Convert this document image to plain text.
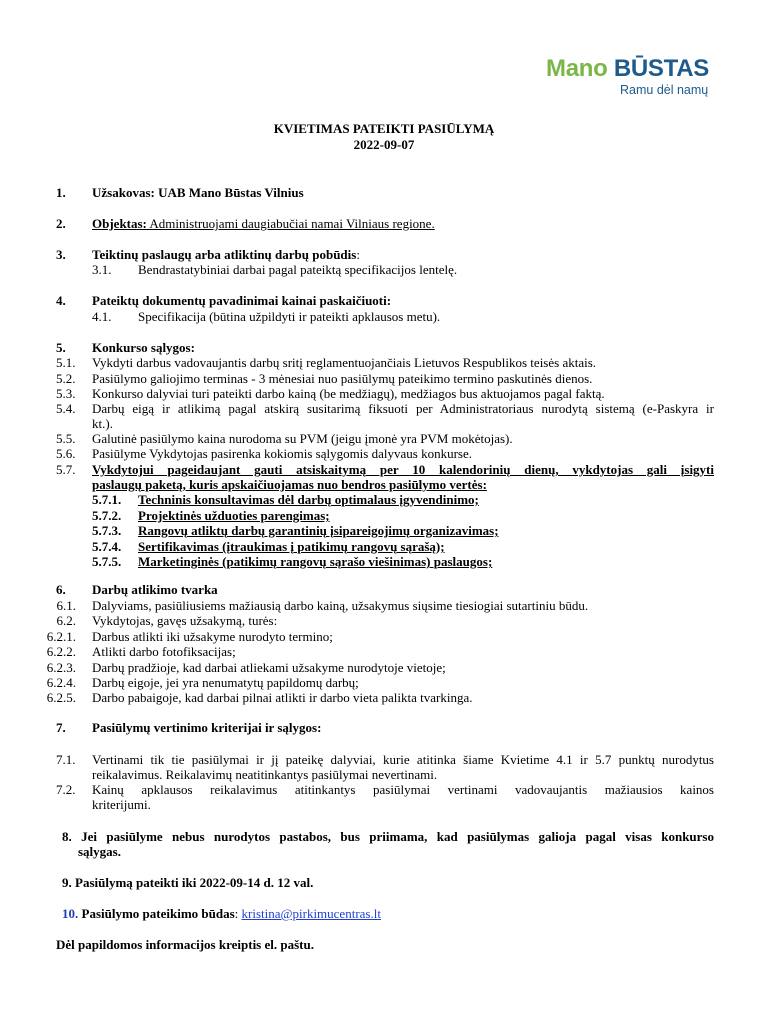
Mano BŪSTAS
Ramu dėl namų
KVIETIMAS PATEIKTI PASIŪLYMĄ
2022-09-07
1. Užsakovas: UAB Mano Būstas Vilnius
2. Objektas: Administruojami daugiabučiai namai Vilniaus regione.
3. Teiktinų paslaugų arba atliktinų darbų pobūdis:
3.1. Bendrastatybiniai darbai pagal pateiktą specifikacijos lentelę.
4. Pateiktų dokumentų pavadinimai kainai paskaičiuoti:
4.1. Specifikacija (būtina užpildyti ir pateikti apklausos metu).
5. Konkurso sąlygos:
5.1. Vykdyti darbus vadovaujantis darbų sritį reglamentuojančiais Lietuvos Respublikos teisės aktais.
5.2. Pasiūlymo galiojimo terminas - 3 mėnesiai nuo pasiūlymų pateikimo termino paskutinės dienos.
5.3. Konkurso dalyviai turi pateikti darbo kainą (be medžiagų), medžiagos bus aktuojamos pagal faktą.
5.4. Darbų eigą ir atlikimą pagal atskirą susitarimą fiksuoti per Administratoriaus nurodytą sistemą (e-Paskyra ir
kt.).
5.5. Galutinė pasiūlymo kaina nurodoma su PVM (jeigu įmonė yra PVM mokėtojas).
5.6. Pasiūlyme Vykdytojas pasirenka kokiomis sąlygomis dalyvaus konkurse.
5.7. Vykdytojui pageidaujant gauti atsiskaitymą per 10 kalendorinių dienų, vykdytojas gali įsigyti
paslaugų paketą, kuris apskaičiuojamas nuo bendros pasiūlymo vertės:
5.7.1. Techninis konsultavimas dėl darbų optimalaus įgyvendinimo;
5.7.2. Projektinės užduoties parengimas;
5.7.3. Rangovų atliktų darbų garantinių įsipareigojimų organizavimas;
5.7.4. Sertifikavimas (įtraukimas į patikimų rangovų sąrašą);
5.7.5. Marketinginės (patikimų rangovų sąrašo viešinimas) paslaugos;
6. Darbų atlikimo tvarka
6.1. Dalyviams, pasiūliusiems mažiausią darbo kainą, užsakymus siųsime tiesiogiai sutartiniu būdu.
6.2. Vykdytojas, gavęs užsakymą, turės:
6.2.1. Darbus atlikti iki užsakyme nurodyto termino;
6.2.2. Atlikti darbo fotofiksacijas;
6.2.3. Darbų pradžioje, kad darbai atliekami užsakyme nurodytoje vietoje;
6.2.4. Darbų eigoje, jei yra nenumatytų papildomų darbų;
6.2.5. Darbo pabaigoje, kad darbai pilnai atlikti ir darbo vieta palikta tvarkinga.
7. Pasiūlymų vertinimo kriterijai ir sąlygos:
7.1. Vertinami tik tie pasiūlymai ir jį pateikę dalyviai, kurie atitinka šiame Kvietime 4.1 ir 5.7 punktų nurodytus
reikalavimus. Reikalavimų neatitinkantys pasiūlymai nevertinami.
7.2. Kainų apklausos reikalavimus atitinkantys pasiūlymai vertinami vadovaujantis mažiausios kainos
kriterijumi.
8. Jei pasiūlyme nebus nurodytos pastabos, bus priimama, kad pasiūlymas galioja pagal visas konkurso
sąlygas.
9. Pasiūlymą pateikti iki 2022-09-14 d. 12 val.
10. Pasiūlymo pateikimo būdas: kristina@pirkimucentras.lt
Dėl papildomos informacijos kreiptis el. paštu.
